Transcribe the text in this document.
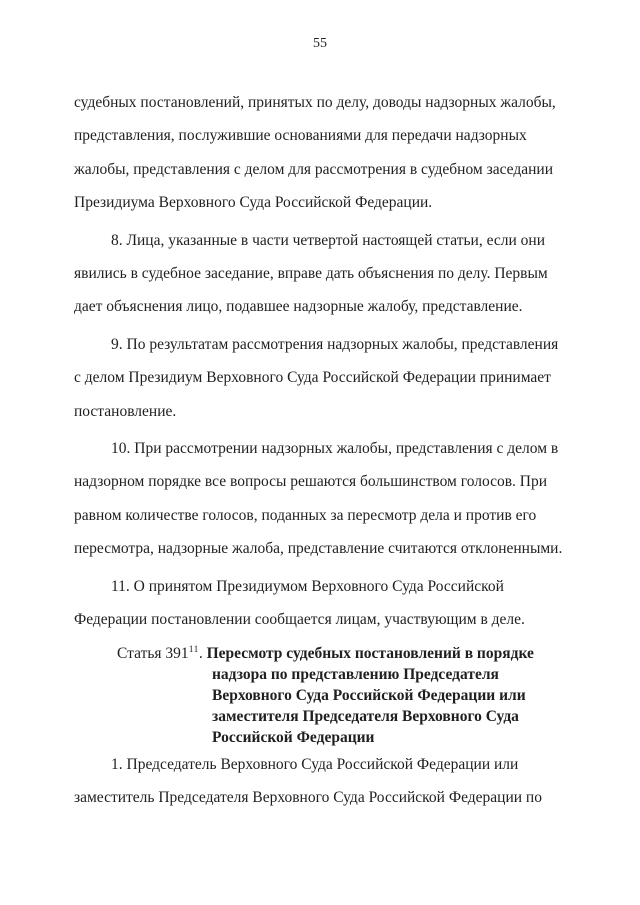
55
судебных постановлений, принятых по делу, доводы надзорных жалобы,
представления, послужившие основаниями для передачи надзорных
жалобы, представления с делом для рассмотрения в судебном заседании
Президиума Верховного Суда Российской Федерации.
8. Лица, указанные в части четвертой настоящей статьи, если они
явились в судебное заседание, вправе дать объяснения по делу. Первым
дает объяснения лицо, подавшее надзорные жалобу, представление.
9. По результатам рассмотрения надзорных жалобы, представления
с делом Президиум Верховного Суда Российской Федерации принимает
постановление.
10. При рассмотрении надзорных жалобы, представления с делом в
надзорном порядке все вопросы решаются большинством голосов. При
равном количестве голосов, поданных за пересмотр дела и против его
пересмотра, надзорные жалоба, представление считаются отклоненными.
11. О принятом Президиумом Верховного Суда Российской
Федерации постановлении сообщается лицам, участвующим в деле.
Статья 391$^{11}$. Пересмотр судебных постановлений в порядке
надзора по представлению Председателя
Верховного Суда Российской Федерации или
заместителя Председателя Верховного Суда
Российской Федерации
1. Председатель Верховного Суда Российской Федерации или
заместитель Председателя Верховного Суда Российской Федерации по
